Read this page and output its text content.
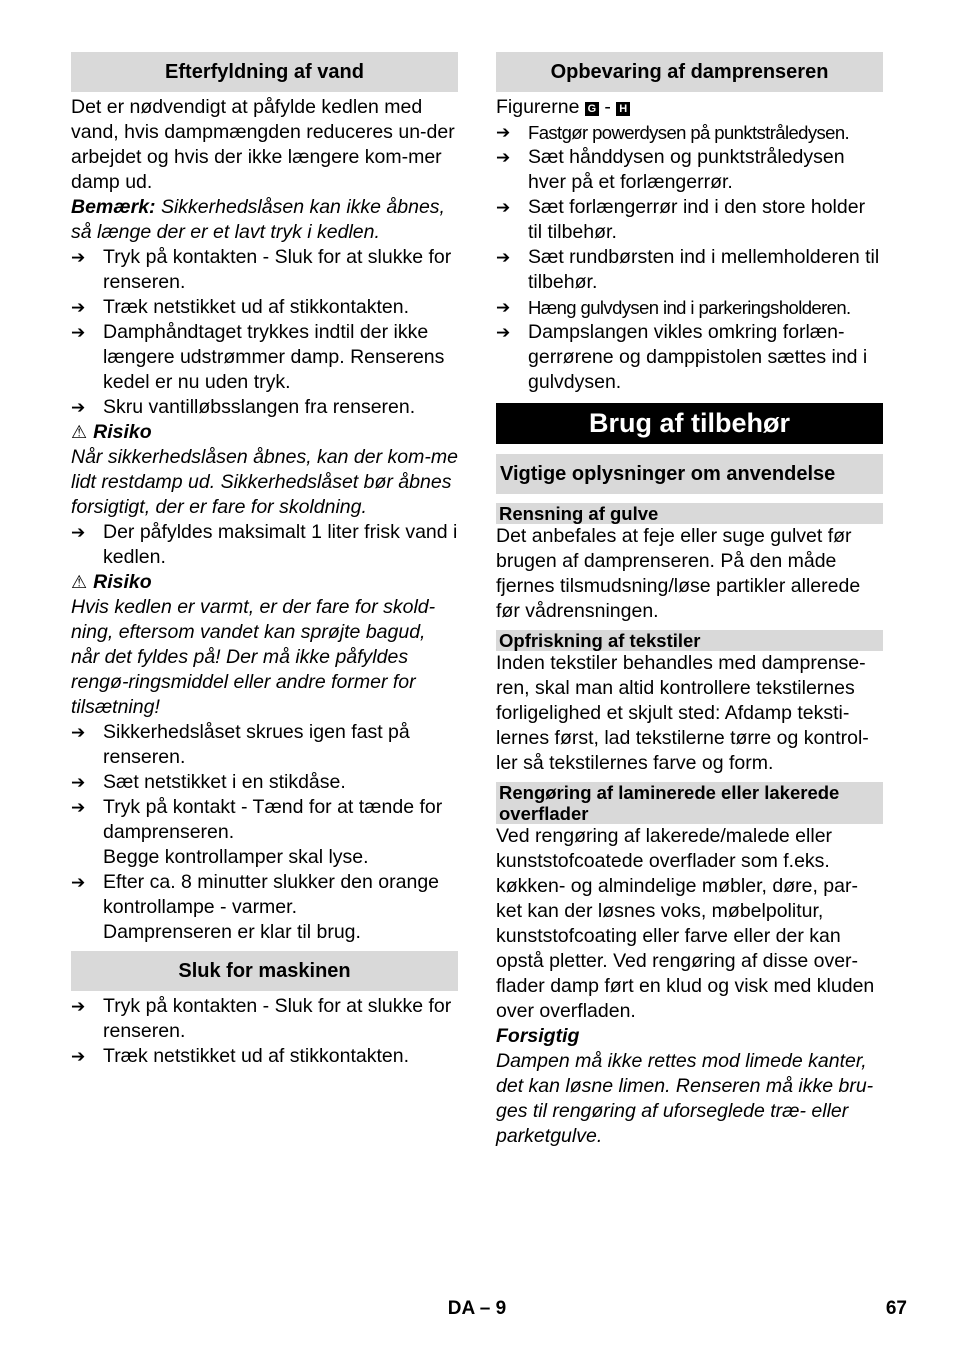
Efterfyldning af vand
Det er nødvendigt at påfylde kedlen med vand, hvis dampmængden reduceres un-der arbejdet og hvis der ikke længere kom-mer damp ud.
Bemærk: Sikkerhedslåsen kan ikke åbnes, så længe der er et lavt tryk i kedlen.
➔ Tryk på kontakten - Sluk for at slukke for renseren.
➔ Træk netstikket ud af stikkontakten.
➔ Damphåndtaget trykkes indtil der ikke længere udstrømmer damp. Renserens kedel er nu uden tryk.
➔ Skru vantilløbsslangen fra renseren.
⚠ Risiko
Når sikkerhedslåsen åbnes, kan der kom-me lidt restdamp ud. Sikkerhedslåset bør åbnes forsigtigt, der er fare for skoldning.
➔ Der påfyldes maksimalt 1 liter frisk vand i kedlen.
⚠ Risiko
Hvis kedlen er varmt, er der fare for skold-ning, eftersom vandet kan sprøjte bagud, når det fyldes på! Der må ikke påfyldes rengø-ringsmiddel eller andre former for tilsætning!
➔ Sikkerhedslåset skrues igen fast på renseren.
➔ Sæt netstikket i en stikdåse.
➔ Tryk på kontakt - Tænd for at tænde for damprenseren.
Begge kontrollamper skal lyse.
➔ Efter ca. 8 minutter slukker den orange kontrollampe - varmer.
Damprenseren er klar til brug.
Sluk for maskinen
➔ Tryk på kontakten - Sluk for at slukke for renseren.
➔ Træk netstikket ud af stikkontakten.
Opbevaring af damprenseren
Figurerne G - H
➔ Fastgør powerdysen på punktstråledysen.
➔ Sæt hånddysen og punktstråledysen hver på et forlængerrør.
➔ Sæt forlængerrør ind i den store holder til tilbehør.
➔ Sæt rundbørsten ind i mellemholderen til tilbehør.
➔ Hæng gulvdysen ind i parkeringsholderen.
➔ Dampslangen vikles omkring forlæn-gerrørene og damppistolen sættes ind i gulvdysen.
Brug af tilbehør
Vigtige oplysninger om anvendelse
Rensning af gulve
Det anbefales at feje eller suge gulvet før brugen af damprenseren. På den måde fjernes tilsmudsning/løse partikler allerede før vådrensningen.
Opfriskning af tekstiler
Inden tekstiler behandles med damprense-ren, skal man altid kontrollere tekstilernes forligelighed et skjult sted: Afdamp teksti-lernes først, lad tekstilerne tørre og kontrol-ler så tekstilernes farve og form.
Rengøring af laminerede eller lakerede overflader
Ved rengøring af lakerede/malede eller kunststofcoatede overflader som f.eks. køkken- og almindelige møbler, døre, par-ket kan der løsnes voks, møbelpolitur, kunststofcoating eller farve eller der kan opstå pletter. Ved rengøring af disse over-flader damp ført en klud og visk med kluden over overfladen.
Forsigtig
Dampen må ikke rettes mod limede kanter, det kan løsne limen. Renseren må ikke bru-ges til rengøring af uforseglede træ- eller parketgulve.
DA – 9	67
